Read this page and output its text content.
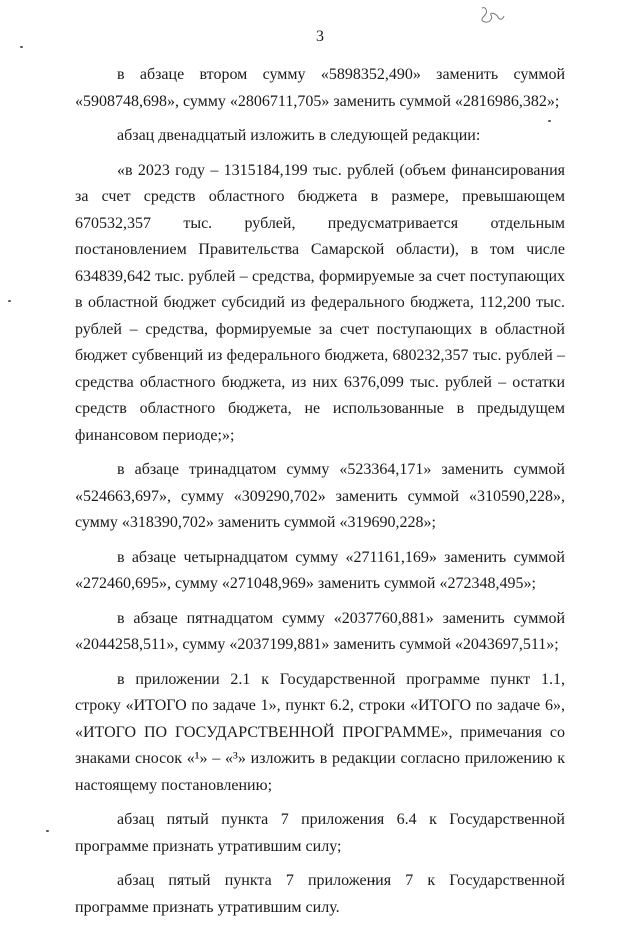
3

в абзаце втором сумму «5898352,490» заменить суммой «5908748,698», сумму «2806711,705» заменить суммой «2816986,382»;

абзац двенадцатый изложить в следующей редакции:

«в 2023 году – 1315184,199 тыс. рублей (объем финансирования за счет средств областного бюджета в размере, превышающем 670532,357 тыс. рублей, предусматривается отдельным постановлением Правительства Самарской области), в том числе 634839,642 тыс. рублей – средства, формируемые за счет поступающих в областной бюджет субсидий из федерального бюджета, 112,200 тыс. рублей – средства, формируемые за счет поступающих в областной бюджет субвенций из федерального бюджета, 680232,357 тыс. рублей – средства областного бюджета, из них 6376,099 тыс. рублей – остатки средств областного бюджета, не использованные в предыдущем финансовом периоде;»;

в абзаце тринадцатом сумму «523364,171» заменить суммой «524663,697», сумму «309290,702» заменить суммой «310590,228», сумму «318390,702» заменить суммой «319690,228»;

в абзаце четырнадцатом сумму «271161,169» заменить суммой «272460,695», сумму «271048,969» заменить суммой «272348,495»;

в абзаце пятнадцатом сумму «2037760,881» заменить суммой «2044258,511», сумму «2037199,881» заменить суммой «2043697,511»;

в приложении 2.1 к Государственной программе пункт 1.1, строку «ИТОГО по задаче 1», пункт 6.2, строки «ИТОГО по задаче 6», «ИТОГО ПО ГОСУДАРСТВЕННОЙ ПРОГРАММЕ», примечания со знаками сносок «¹» – «³» изложить в редакции согласно приложению к настоящему постановлению;

абзац пятый пункта 7 приложения 6.4 к Государственной программе признать утратившим силу;

абзац пятый пункта 7 приложения 7 к Государственной программе признать утратившим силу.
